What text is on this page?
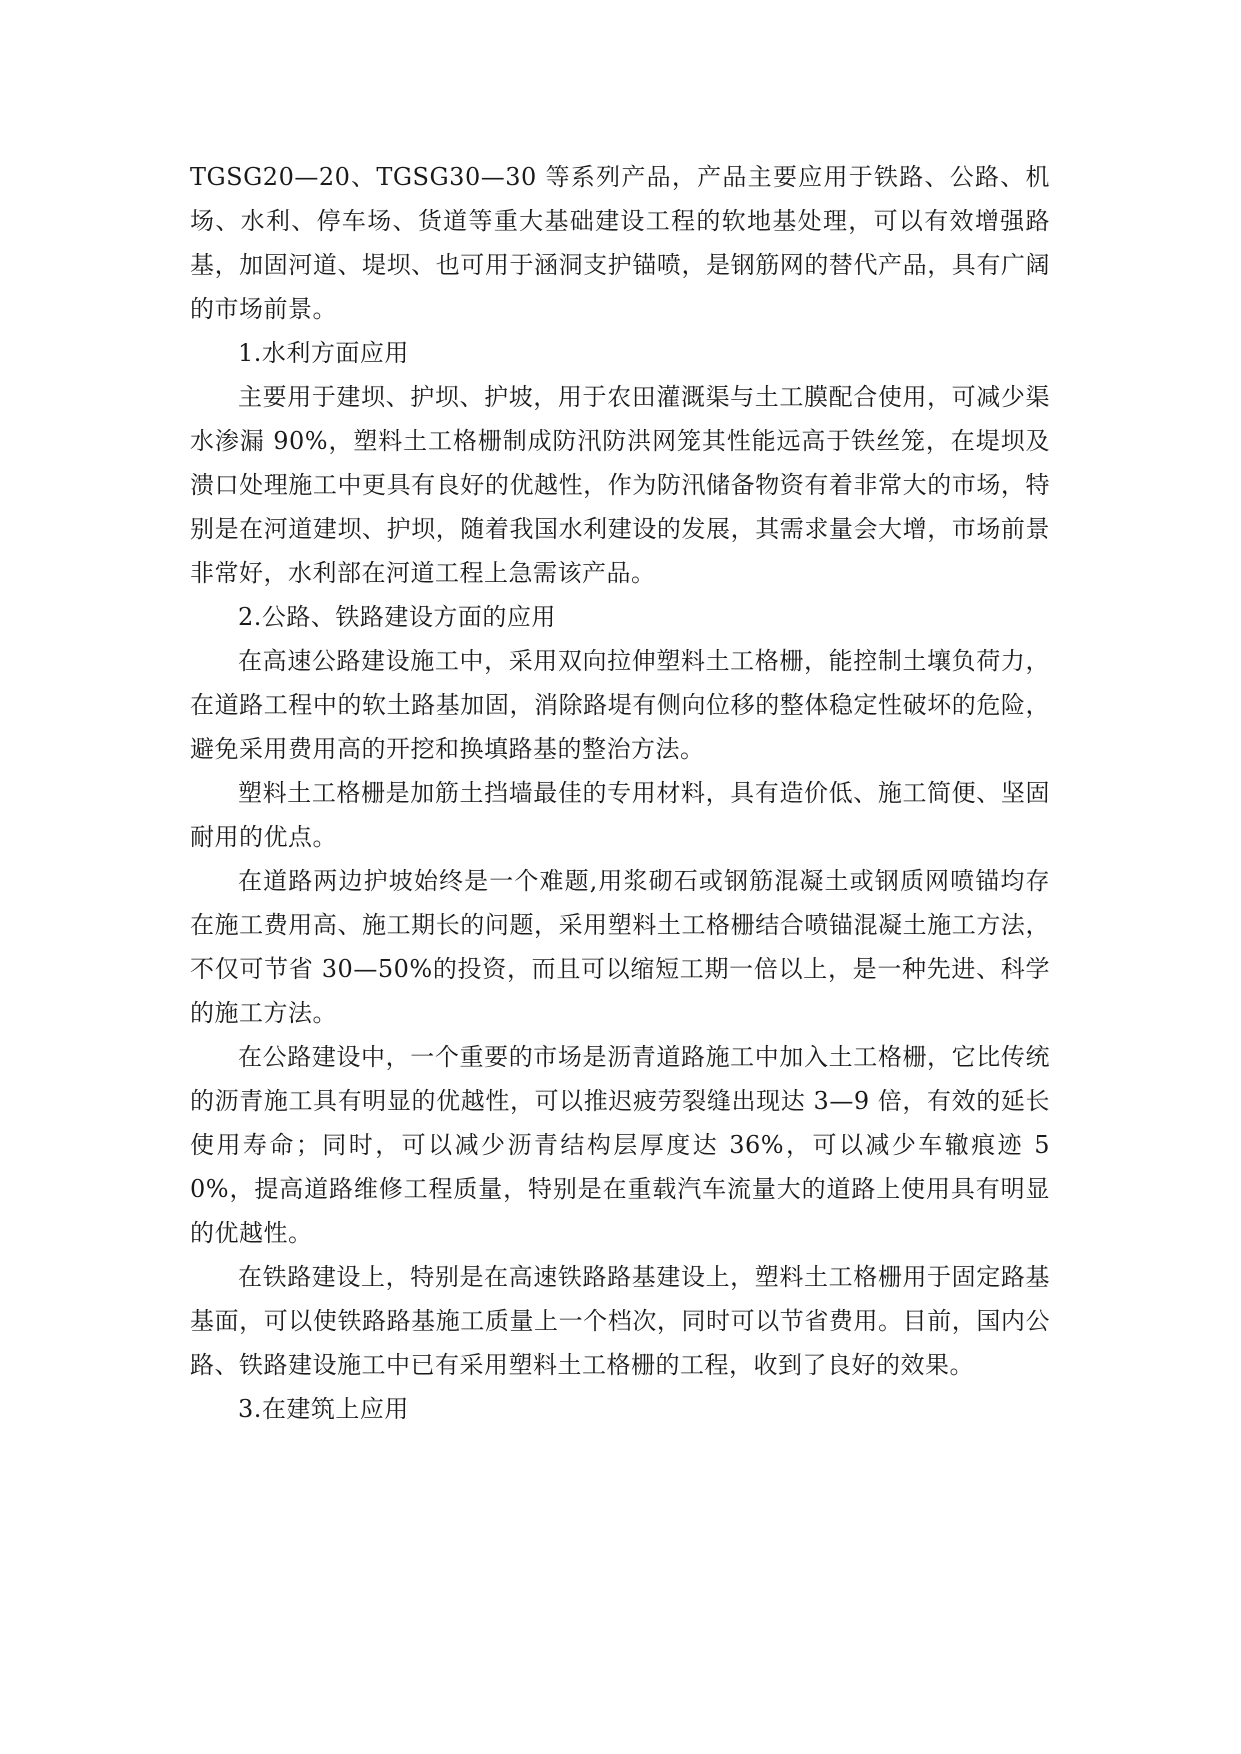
TGSG20—20、TGSG30—30 等系列产品，产品主要应用于铁路、公路、机场、水利、停车场、货道等重大基础建设工程的软地基处理，可以有效增强路基，加固河道、堤坝、也可用于涵洞支护锚喷，是钢筋网的替代产品，具有广阔的市场前景。

1.水利方面应用

主要用于建坝、护坝、护坡，用于农田灌溉渠与土工膜配合使用，可减少渠水渗漏 90%，塑料土工格栅制成防汛防洪网笼其性能远高于铁丝笼，在堤坝及溃口处理施工中更具有良好的优越性，作为防汛储备物资有着非常大的市场，特别是在河道建坝、护坝，随着我国水利建设的发展，其需求量会大增，市场前景非常好，水利部在河道工程上急需该产品。

2.公路、铁路建设方面的应用

在高速公路建设施工中，采用双向拉伸塑料土工格栅，能控制土壤负荷力，在道路工程中的软土路基加固，消除路堤有侧向位移的整体稳定性破坏的危险，避免采用费用高的开挖和换填路基的整治方法。

塑料土工格栅是加筋土挡墙最佳的专用材料，具有造价低、施工简便、坚固耐用的优点。

在道路两边护坡始终是一个难题,用浆砌石或钢筋混凝土或钢质网喷锚均存在施工费用高、施工期长的问题，采用塑料土工格栅结合喷锚混凝土施工方法，不仅可节省 30—50%的投资，而且可以缩短工期一倍以上，是一种先进、科学的施工方法。

在公路建设中，一个重要的市场是沥青道路施工中加入土工格栅，它比传统的沥青施工具有明显的优越性，可以推迟疲劳裂缝出现达 3—9 倍，有效的延长使用寿命；同时，可以减少沥青结构层厚度达 36%，可以减少车辙痕迹 50%，提高道路维修工程质量，特别是在重载汽车流量大的道路上使用具有明显的优越性。

在铁路建设上，特别是在高速铁路路基建设上，塑料土工格栅用于固定路基基面，可以使铁路路基施工质量上一个档次，同时可以节省费用。目前，国内公路、铁路建设施工中已有采用塑料土工格栅的工程，收到了良好的效果。

3.在建筑上应用
